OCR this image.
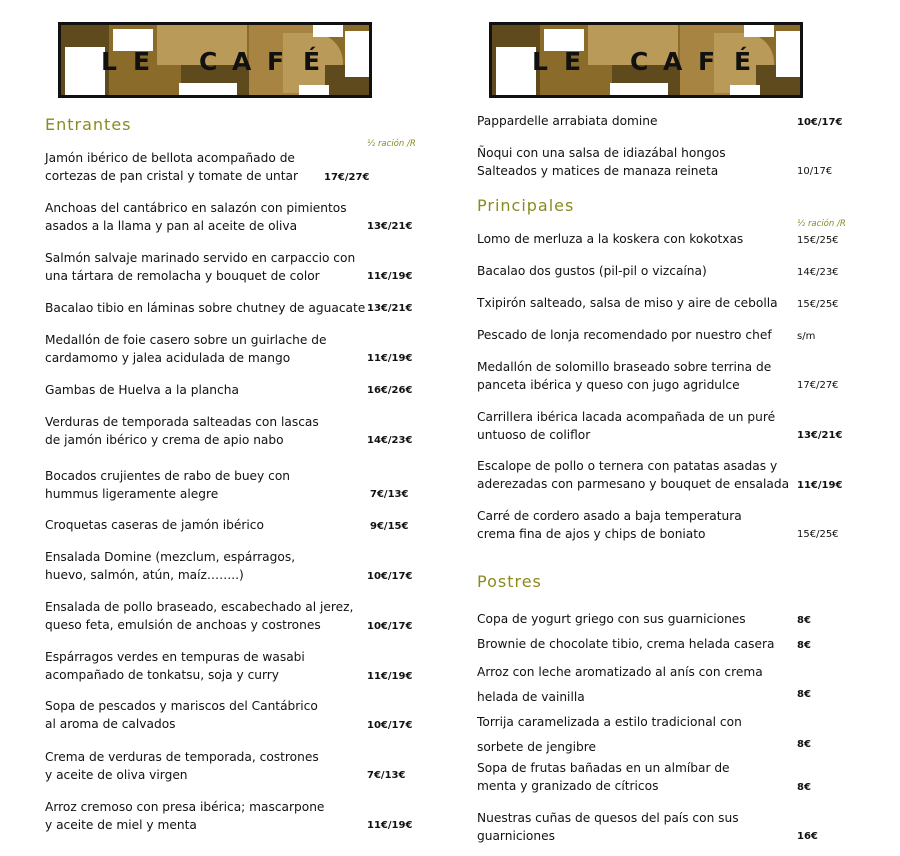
L E C A F É	L E C A F É
Entrantes
½ ración /R
Jamón ibérico de bellota acompañado de
cortezas de pan cristal y tomate de untar	17€/27€
Anchoas del cantábrico en salazón con pimientos
asados a la llama y pan al aceite de oliva	13€/21€
Salmón salvaje marinado servido en carpaccio con
una tártara de remolacha y bouquet de color	11€/19€
Bacalao tibio en láminas sobre chutney de aguacate 13€/21€
Medallón de foie casero sobre un guirlache de
cardamomo y jalea acidulada de mango	11€/19€
Gambas de Huelva a la plancha	16€/26€
Verduras de temporada salteadas con lascas
de jamón ibérico y crema de apio nabo	14€/23€
Bocados crujientes de rabo de buey con
hummus ligeramente alegre	7€/13€
Croquetas caseras de jamón ibérico	9€/15€
Ensalada Domine (mezclum, espárragos,
huevo, salmón, atún, maíz……..)	10€/17€
Ensalada de pollo braseado, escabechado al jerez,
queso feta, emulsión de anchoas y costrones	10€/17€
Espárragos verdes en tempuras de wasabi
acompañado de tonkatsu, soja y curry	11€/19€
Sopa de pescados y mariscos del Cantábrico
al aroma de calvados	10€/17€
Crema de verduras de temporada, costrones
y aceite de oliva virgen	7€/13€
Arroz cremoso con presa ibérica; mascarpone
y aceite de miel y menta	11€/19€
Pappardelle arrabiata domine	10€/17€
Ñoqui con una salsa de idiazábal hongos
Salteados y matices de manaza reineta	10/17€
Principales
½ ración /R
Lomo de merluza a la koskera con kokotxas	15€/25€
Bacalao dos gustos (pil-pil o vizcaína)	14€/23€
Txipirón salteado, salsa de miso y aire de cebolla 15€/25€
Pescado de lonja recomendado por nuestro chef	s/m
Medallón de solomillo braseado sobre terrina de
panceta ibérica y queso con jugo agridulce	17€/27€
Carrillera ibérica lacada acompañada de un puré
untuoso de coliflor	13€/21€
Escalope de pollo o ternera con patatas asadas y
aderezadas con parmesano y bouquet de ensalada 11€/19€
Carré de cordero asado a baja temperatura
crema fina de ajos y chips de boniato	15€/25€
Postres
Copa de yogurt griego con sus guarniciones	8€
Brownie de chocolate tibio, crema helada casera 8€
Arroz con leche aromatizado al anís con crema
helada de vainilla	8€
Torrija caramelizada a estilo tradicional con
sorbete de jengibre	8€
Sopa de frutas bañadas en un almíbar de
menta y granizado de cítricos	8€
Nuestras cuñas de quesos del país con sus
guarniciones	16€
